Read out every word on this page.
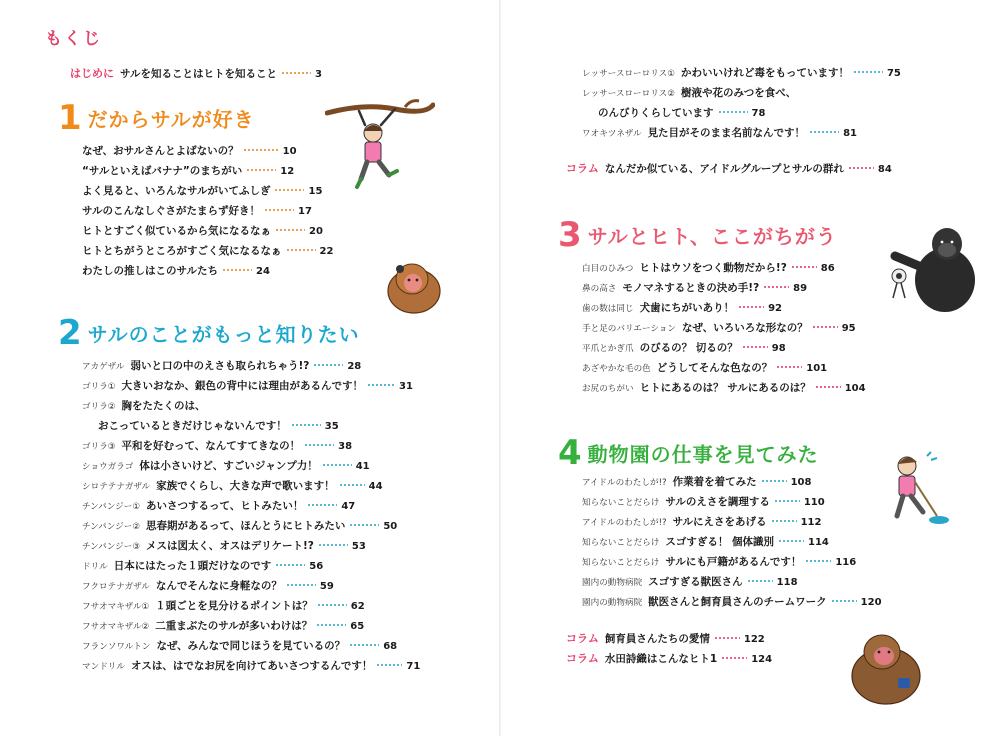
もくじ
はじめに サルを知ることはヒトを知ること	3
1 だからサルが好き
なぜ、おサルさんとよばないの？	10
“サルといえばバナナ”のまちがい	12
よく見ると、いろんなサルがいてふしぎ	15
サルのこんなしぐさがたまらず好き！	17
ヒトとすごく似ているから気になるなぁ	20
ヒトとちがうところがすごく気になるなぁ	22
わたしの推しはこのサルたち	24
2 サルのことがもっと知りたい
アカゲザル 弱いと口の中のえさも取られちゃう!?	28
ゴリラ① 大きいおなか、銀色の背中には理由があるんです！	31
ゴリラ② 胸をたたくのは、
おこっているときだけじゃないんです！	35
ゴリラ③ 平和を好むって、なんてすてきなの！	38
ショウガラゴ 体は小さいけど、すごいジャンプ力！	41
シロテテナガザル 家族でくらし、大きな声で歌います！	44
チンパンジー① あいさつするって、ヒトみたい！	47
チンパンジー② 思春期があるって、ほんとうにヒトみたい	50
チンパンジー③ メスは図太く、オスはデリケート!?	53
ドリル 日本にはたった１頭だけなのです	56
フクロテナガザル なんでそんなに身軽なの？	59
フサオマキザル① １頭ごとを見分けるポイントは？	62
フサオマキザル② 二重まぶたのサルが多いわけは？	65
フランソワルトン なぜ、みんなで同じほうを見ているの？	68
マンドリル オスは、はでなお尻を向けてあいさつするんです！	71
レッサースローロリス① かわいいけれど毒をもっています！	75
レッサースローロリス② 樹液や花のみつを食べ、
のんびりくらしています	78
ワオキツネザル 見た目がそのまま名前なんです！	81
コラム なんだか似ている、アイドルグループとサルの群れ	84
3 サルとヒト、ここがちがう
白目のひみつ ヒトはウソをつく動物だから!?	86
鼻の高さ モノマネするときの決め手!?	89
歯の数は同じ 犬歯にちがいあり！	92
手と足のバリエーション なぜ、いろいろな形なの？	95
平爪とかぎ爪 のびるの？ 切るの？	98
あざやかな毛の色 どうしてそんな色なの？	101
お尻のちがい ヒトにあるのは？ サルにあるのは？	104
4 動物園の仕事を見てみた
アイドルのわたしが!? 作業着を着てみた	108
知らないことだらけ サルのえさを調理する	110
アイドルのわたしが!? サルにえさをあげる	112
知らないことだらけ スゴすぎる！ 個体識別	114
知らないことだらけ サルにも戸籍があるんです！	116
園内の動物病院 スゴすぎる獣医さん	118
園内の動物病院 獣医さんと飼育員さんのチームワーク	120
コラム 飼育員さんたちの愛情	122
コラム 水田詩織はこんなヒト1	124
